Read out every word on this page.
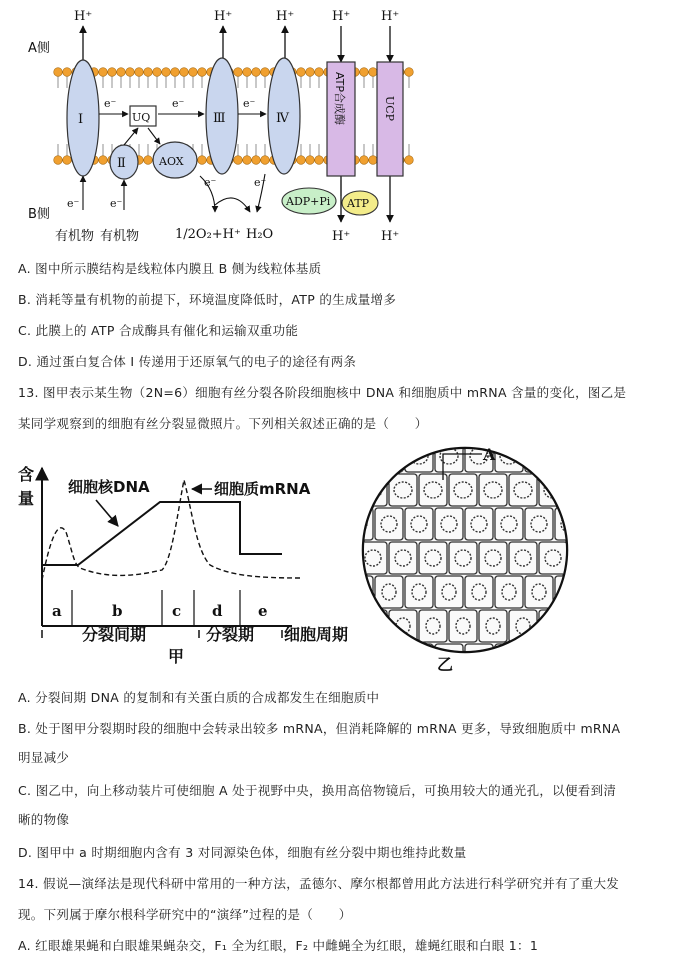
H⁺	H⁺	H⁺	H⁺ H⁺
H⁺ H⁺
A侧
B侧
Ⅰ
Ⅱ
UQ
AOX
Ⅲ	Ⅳ	ATP合成酶	UCP
ADP+Pi ATP
e⁻	e⁻	e⁻
e⁻	e⁻
e⁻	e⁻
有机物 有机物	1/2O₂+H⁺ H₂O
A. 图中所示膜结构是线粒体内膜且 B 侧为线粒体基质
B. 消耗等量有机物的前提下，环境温度降低时，ATP 的生成量增多
C. 此膜上的 ATP 合成酶具有催化和运输双重功能
D. 通过蛋白复合体 I 传递用于还原氧气的电子的途径有两条
13. 图甲表示某生物（2N=6）细胞有丝分裂各阶段细胞核中 DNA 和细胞质中 mRNA 含量的变化，图乙是
某同学观察到的细胞有丝分裂显微照片。下列相关叙述正确的是（　　）
含
量
a	b	c d e
细胞核DNA	细胞质mRNA
分裂间期	分裂期 细胞周期
甲
A
乙
A. 分裂间期 DNA 的复制和有关蛋白质的合成都发生在细胞质中
B. 处于图甲分裂期时段的细胞中会转录出较多 mRNA，但消耗降解的 mRNA 更多，导致细胞质中 mRNA
明显减少
C. 图乙中，向上移动装片可使细胞 A 处于视野中央，换用高倍物镜后，可换用较大的通光孔，以便看到清
晰的物像
D. 图甲中 a 时期细胞内含有 3 对同源染色体，细胞有丝分裂中期也维持此数量
14. 假说—演绎法是现代科研中常用的一种方法，孟德尔、摩尔根都曾用此方法进行科学研究并有了重大发
现。下列属于摩尔根科学研究中的“演绎”过程的是（　　）
A. 红眼雄果蝇和白眼雄果蝇杂交，F₁ 全为红眼，F₂ 中雌蝇全为红眼，雄蝇红眼和白眼 1：1
